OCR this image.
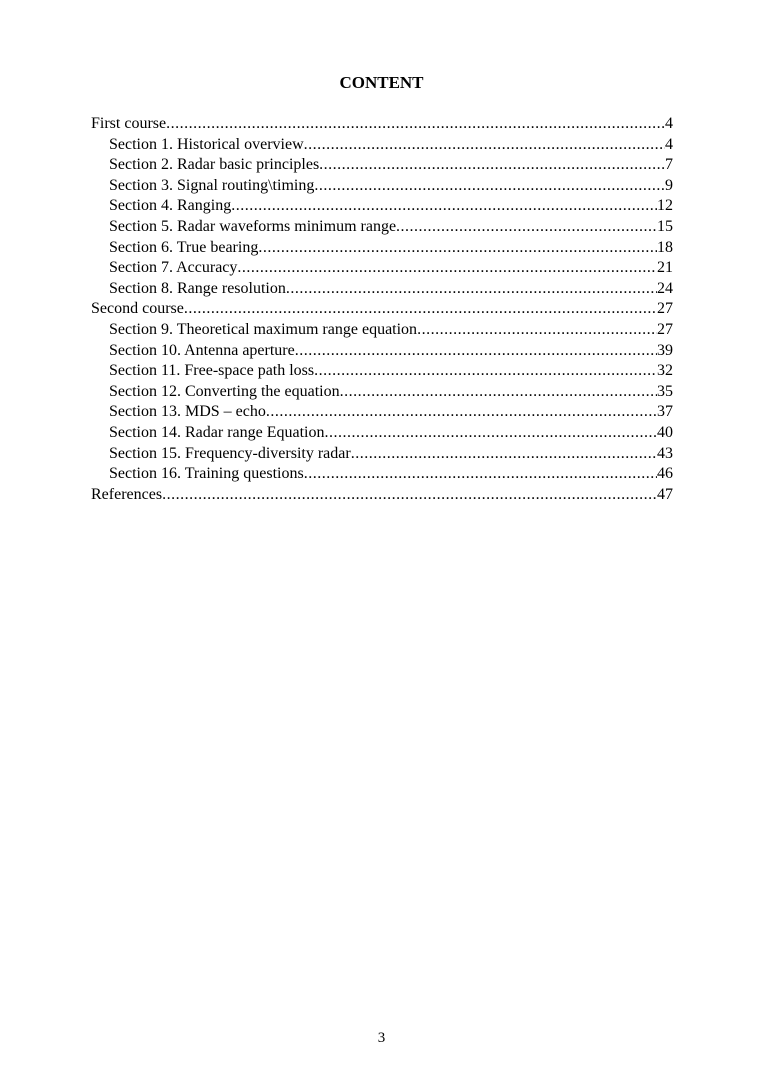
CONTENT
First course .....	4
Section 1. Historical overview .....	4
Section 2. Radar basic principles .....	7
Section 3. Signal routing\timing .....	9
Section 4. Ranging .....	12
Section 5. Radar waveforms minimum range .....	15
Section 6. True bearing .....	18
Section 7. Accuracy .....	21
Section 8. Range resolution .....	24
Second course .....	27
Section 9. Theoretical maximum range equation .....	27
Section 10. Antenna aperture .....	39
Section 11. Free-space path loss .....	32
Section 12. Converting the equation .....	35
Section 13. MDS – echo .....	37
Section 14. Radar range Equation .....	40
Section 15. Frequency-diversity radar .....	43
Section 16. Training questions .....	46
References .....	47
3
